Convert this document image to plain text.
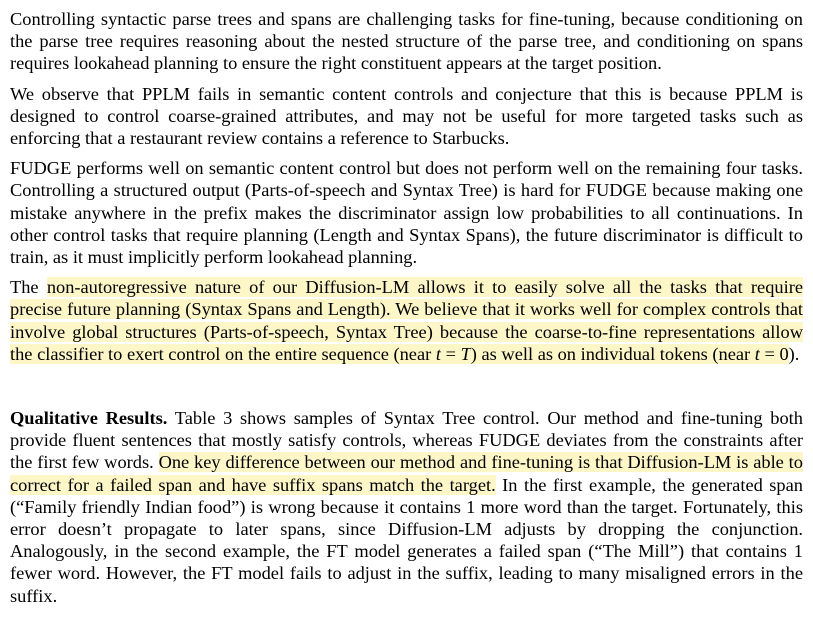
Controlling syntactic parse trees and spans are challenging tasks for fine-tuning, because conditioning on the parse tree requires reasoning about the nested structure of the parse tree, and conditioning on spans requires lookahead planning to ensure the right constituent appears at the target position.

We observe that PPLM fails in semantic content controls and conjecture that this is because PPLM is designed to control coarse-grained attributes, and may not be useful for more targeted tasks such as enforcing that a restaurant review contains a reference to Starbucks.

FUDGE performs well on semantic content control but does not perform well on the remaining four tasks. Controlling a structured output (Parts-of-speech and Syntax Tree) is hard for FUDGE because making one mistake anywhere in the prefix makes the discriminator assign low probabilities to all continuations. In other control tasks that require planning (Length and Syntax Spans), the future discriminator is difficult to train, as it must implicitly perform lookahead planning.

The non-autoregressive nature of our Diffusion-LM allows it to easily solve all the tasks that require precise future planning (Syntax Spans and Length). We believe that it works well for complex controls that involve global structures (Parts-of-speech, Syntax Tree) because the coarse-to-fine representations allow the classifier to exert control on the entire sequence (near t = T) as well as on individual tokens (near t = 0).

Qualitative Results. Table 3 shows samples of Syntax Tree control. Our method and fine-tuning both provide fluent sentences that mostly satisfy controls, whereas FUDGE deviates from the constraints after the first few words. One key difference between our method and fine-tuning is that Diffusion-LM is able to correct for a failed span and have suffix spans match the target. In the first example, the generated span (“Family friendly Indian food”) is wrong because it contains 1 more word than the target. Fortunately, this error doesn’t propagate to later spans, since Diffusion-LM adjusts by dropping the conjunction. Analogously, in the second example, the FT model generates a failed span (“The Mill”) that contains 1 fewer word. However, the FT model fails to adjust in the suffix, leading to many misaligned errors in the suffix.
